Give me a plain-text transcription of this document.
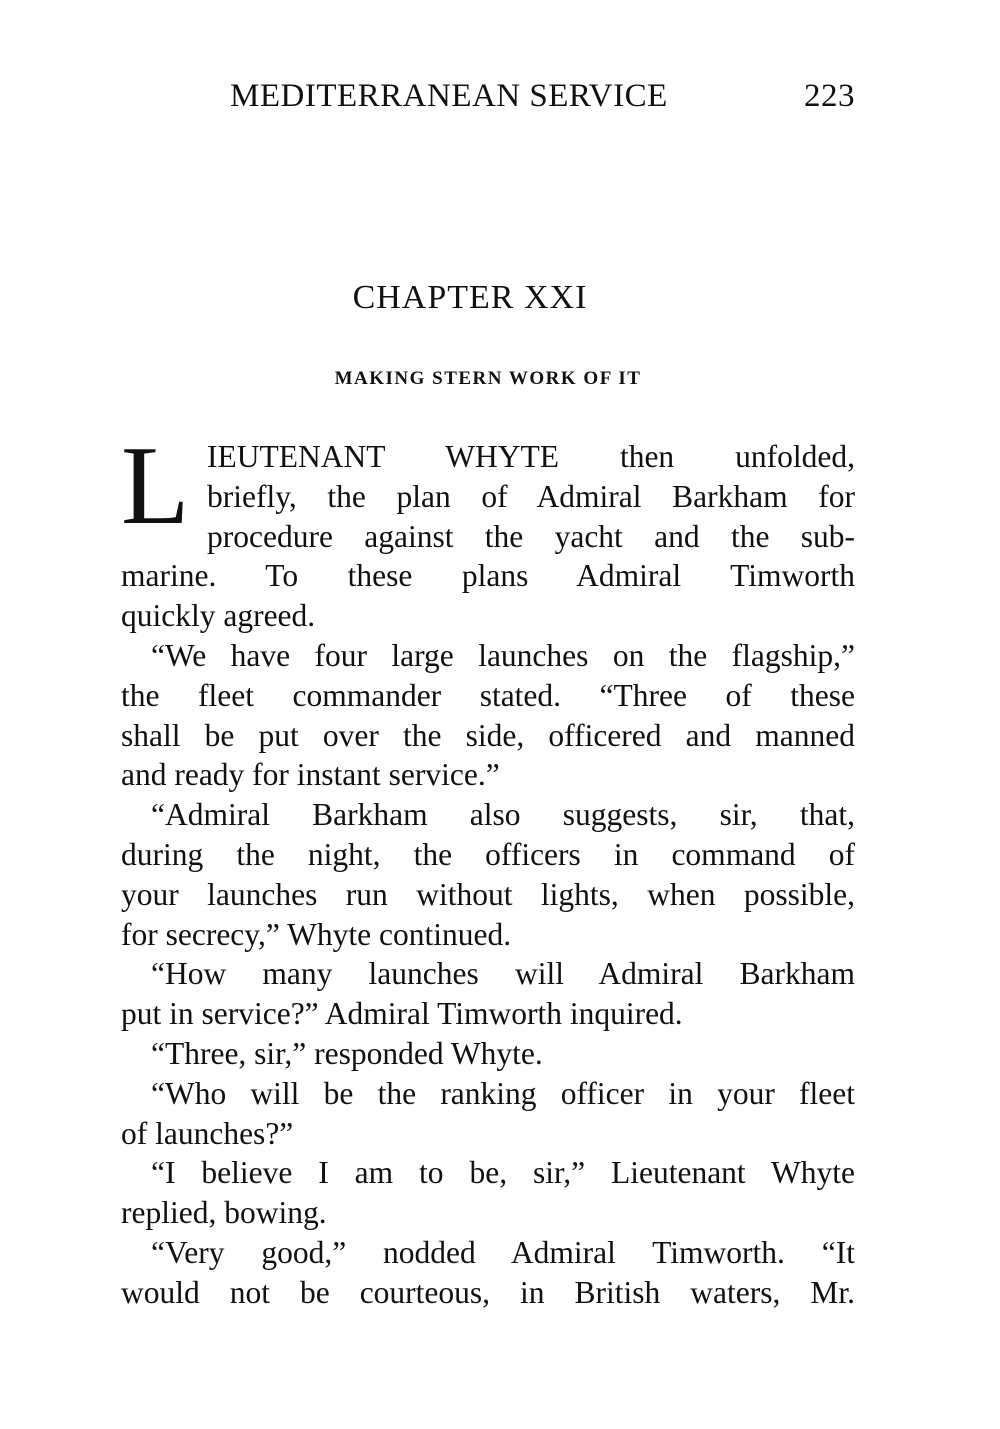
MEDITERRANEAN SERVICE	223
CHAPTER XXI
MAKING STERN WORK OF IT
L IEUTENANT WHYTE then unfolded,
briefly, the plan of Admiral Barkham for
procedure against the yacht and the sub-
marine. To these plans Admiral Timworth
quickly agreed.
“We have four large launches on the flagship,”
the fleet commander stated. “Three of these
shall be put over the side, officered and manned
and ready for instant service.”
“Admiral Barkham also suggests, sir, that,
during the night, the officers in command of
your launches run without lights, when possible,
for secrecy,” Whyte continued.
“How many launches will Admiral Barkham
put in service?” Admiral Timworth inquired.
“Three, sir,” responded Whyte.
“Who will be the ranking officer in your fleet
of launches?”
“I believe I am to be, sir,” Lieutenant Whyte
replied, bowing.
“Very good,” nodded Admiral Timworth. “It
would not be courteous, in British waters, Mr.
